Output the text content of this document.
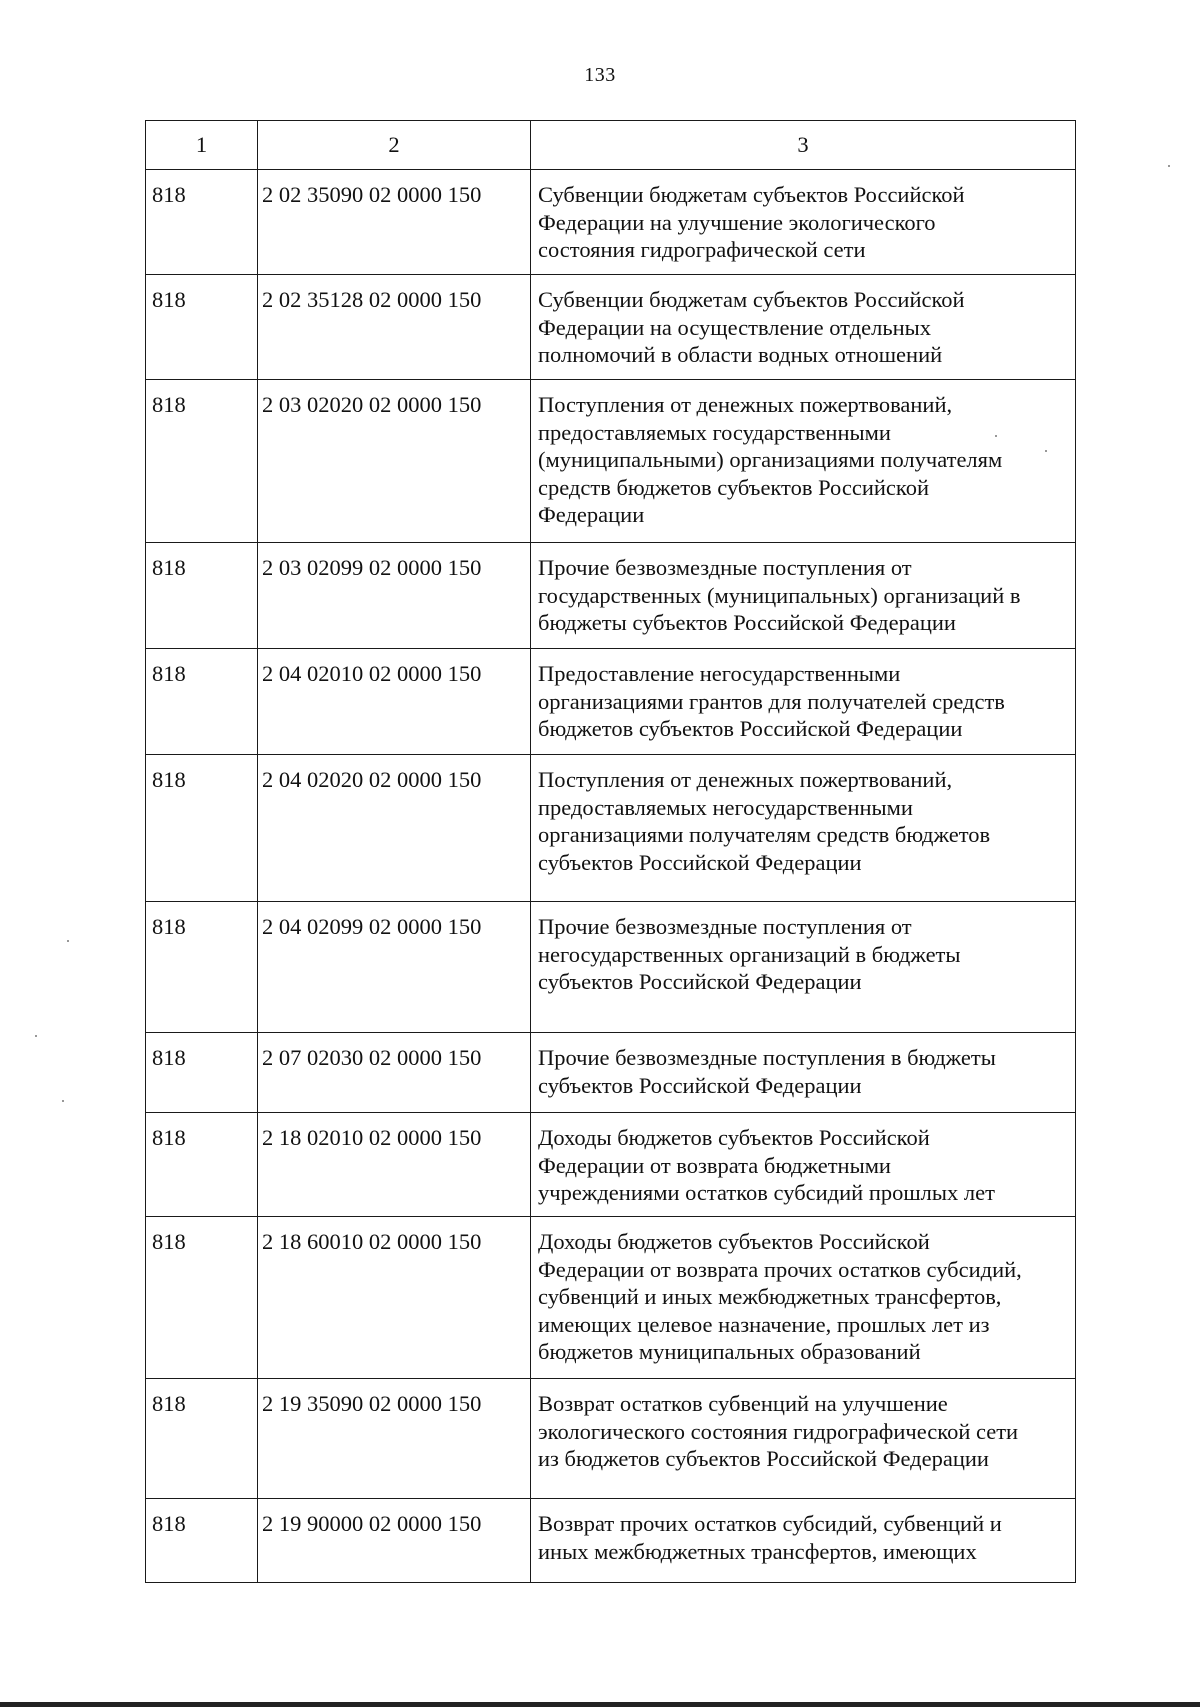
133
1	2	3
818	2 02 35090 02 0000 150	Субвенции бюджетам субъектов Российской
Федерации на улучшение экологического
состояния гидрографической сети

818	2 02 35128 02 0000 150	Субвенции бюджетам субъектов Российской
Федерации на осуществление отдельных
полномочий в области водных отношений

818	2 03 02020 02 0000 150	Поступления от денежных пожертвований,
предоставляемых государственными
(муниципальными) организациями получателям
средств бюджетов субъектов Российской
Федерации

818	2 03 02099 02 0000 150	Прочие безвозмездные поступления от
государственных (муниципальных) организаций в
бюджеты субъектов Российской Федерации

818	2 04 02010 02 0000 150	Предоставление негосударственными
организациями грантов для получателей средств
бюджетов субъектов Российской Федерации

818	2 04 02020 02 0000 150	Поступления от денежных пожертвований,
предоставляемых негосударственными
организациями получателям средств бюджетов
субъектов Российской Федерации

818	2 04 02099 02 0000 150	Прочие безвозмездные поступления от
негосударственных организаций в бюджеты
субъектов Российской Федерации

818	2 07 02030 02 0000 150	Прочие безвозмездные поступления в бюджеты
субъектов Российской Федерации

818	2 18 02010 02 0000 150	Доходы бюджетов субъектов Российской
Федерации от возврата бюджетными
учреждениями остатков субсидий прошлых лет

818	2 18 60010 02 0000 150	Доходы бюджетов субъектов Российской
Федерации от возврата прочих остатков субсидий,
субвенций и иных межбюджетных трансфертов,
имеющих целевое назначение, прошлых лет из
бюджетов муниципальных образований

818	2 19 35090 02 0000 150	Возврат остатков субвенций на улучшение
экологического состояния гидрографической сети
из бюджетов субъектов Российской Федерации

818	2 19 90000 02 0000 150	Возврат прочих остатков субсидий, субвенций и
иных межбюджетных трансфертов, имеющих
